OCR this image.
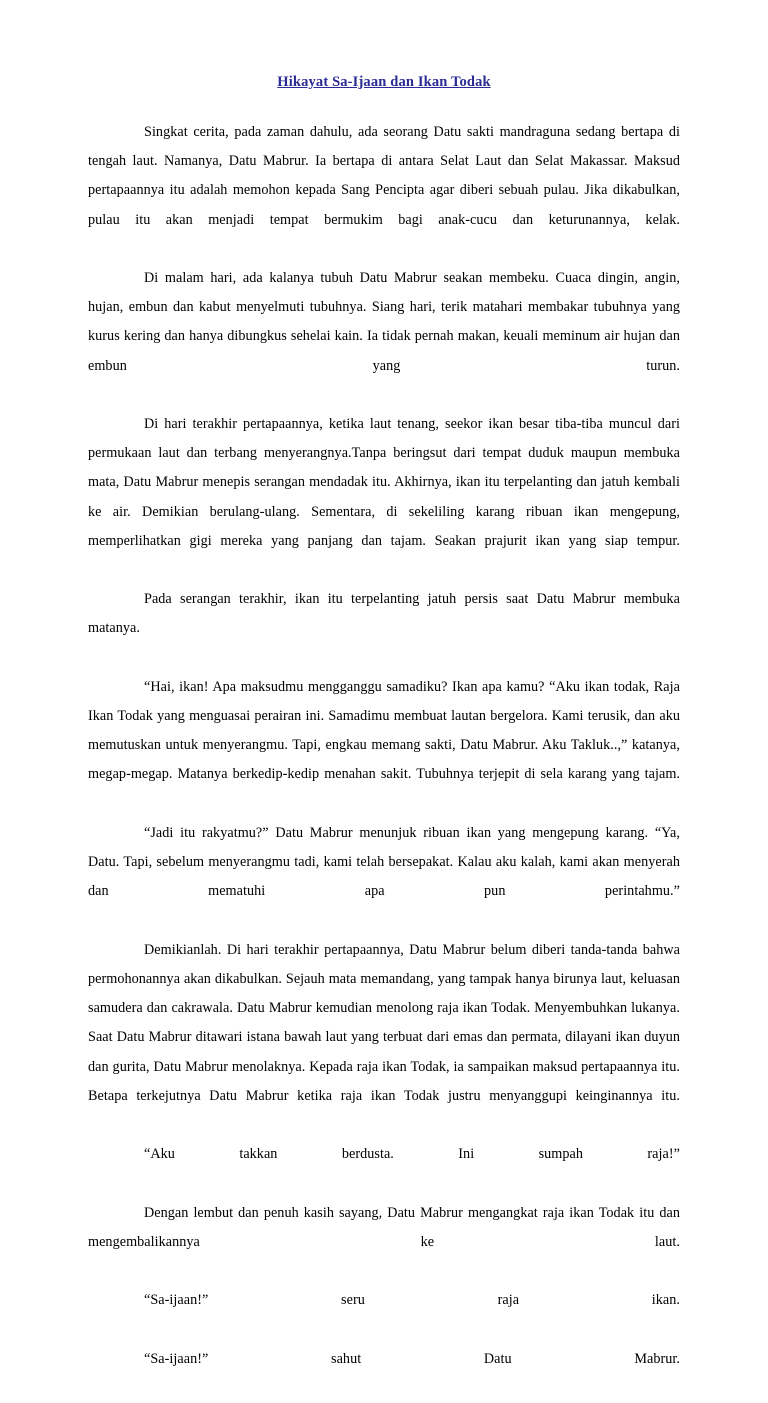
Hikayat Sa-Ijaan dan Ikan Todak

Singkat cerita, pada zaman dahulu, ada seorang Datu sakti mandraguna sedang bertapa di tengah laut. Namanya, Datu Mabrur. Ia bertapa di antara Selat Laut dan Selat Makassar. Maksud pertapaannya itu adalah memohon kepada Sang Pencipta agar diberi sebuah pulau. Jika dikabulkan, pulau itu akan menjadi tempat bermukim bagi anak-cucu dan keturunannya, kelak.

Di malam hari, ada kalanya tubuh Datu Mabrur seakan membeku. Cuaca dingin, angin, hujan, embun dan kabut menyelmuti tubuhnya. Siang hari, terik matahari membakar tubuhnya yang kurus kering dan hanya dibungkus sehelai kain. Ia tidak pernah makan, keuali meminum air hujan dan embun yang turun.

Di hari terakhir pertapaannya, ketika laut tenang, seekor ikan besar tiba-tiba muncul dari permukaan laut dan terbang menyerangnya.Tanpa beringsut dari tempat duduk maupun membuka mata, Datu Mabrur menepis serangan mendadak itu. Akhirnya, ikan itu terpelanting dan jatuh kembali ke air. Demikian berulang-ulang. Sementara, di sekeliling karang ribuan ikan mengepung, memperlihatkan gigi mereka yang panjang dan tajam. Seakan prajurit ikan yang siap tempur.

Pada serangan terakhir, ikan itu terpelanting jatuh persis saat Datu Mabrur membuka matanya.

“Hai, ikan! Apa maksudmu mengganggu samadiku? Ikan apa kamu? “Aku ikan todak, Raja Ikan Todak yang menguasai perairan ini. Samadimu membuat lautan bergelora. Kami terusik, dan aku memutuskan untuk menyerangmu. Tapi, engkau memang sakti, Datu Mabrur. Aku Takluk..,” katanya, megap-megap. Matanya berkedip-kedip menahan sakit. Tubuhnya terjepit di sela karang yang tajam.

“Jadi itu rakyatmu?” Datu Mabrur menunjuk ribuan ikan yang mengepung karang. “Ya, Datu. Tapi, sebelum menyerangmu tadi, kami telah bersepakat. Kalau aku kalah, kami akan menyerah dan mematuhi apa pun perintahmu.”

Demikianlah. Di hari terakhir pertapaannya, Datu Mabrur belum diberi tanda-tanda bahwa permohonannya akan dikabulkan. Sejauh mata memandang, yang tampak hanya birunya laut, keluasan samudera dan cakrawala. Datu Mabrur kemudian menolong raja ikan Todak. Menyembuhkan lukanya. Saat Datu Mabrur ditawari istana bawah laut yang terbuat dari emas dan permata, dilayani ikan duyun dan gurita, Datu Mabrur menolaknya. Kepada raja ikan Todak, ia sampaikan maksud pertapaannya itu. Betapa terkejutnya Datu Mabrur ketika raja ikan Todak justru menyanggupi keinginannya itu.

“Aku takkan berdusta. Ini sumpah raja!”

Dengan lembut dan penuh kasih sayang, Datu Mabrur mengangkat raja ikan Todak itu dan mengembalikannya ke laut.

“Sa-ijaan!” seru raja ikan.

“Sa-ijaan!” sahut Datu Mabrur.
